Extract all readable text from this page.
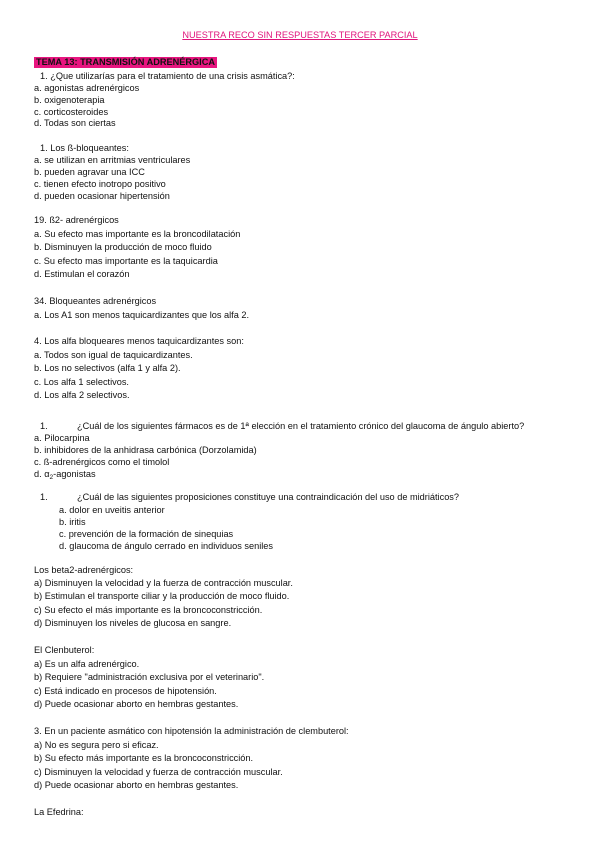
NUESTRA RECO SIN RESPUESTAS TERCER PARCIAL
TEMA 13: TRANSMISIÓN ADRENÉRGICA
1. ¿Que utilizarías para el tratamiento de una crisis asmática?:
a. agonistas adrenérgicos
b. oxigenoterapia
c. corticosteroides
d. Todas son ciertas
1. Los ß-bloqueantes:
a. se utilizan en arritmias ventriculares
b. pueden agravar una ICC
c. tienen efecto inotropo positivo
d. pueden ocasionar hipertensión
19. ß2- adrenérgicos
a. Su efecto mas importante es la broncodilatación
b. Disminuyen la producción de moco fluido
c. Su efecto mas importante es la taquicardia
d. Estimulan el corazón
34. Bloqueantes adrenérgicos
a. Los A1 son menos taquicardizantes que los alfa 2.
4. Los alfa bloqueares menos taquicardizantes son:
a. Todos son igual de taquicardizantes.
b. Los no selectivos (alfa 1 y alfa 2).
c. Los alfa 1 selectivos.
d. Los alfa 2 selectivos.
1.	¿Cuál de los siguientes fármacos es de 1ª elección en el tratamiento crónico del glaucoma de ángulo abierto?
a. Pilocarpina
b. inhibidores de la anhidrasa carbónica (Dorzolamida)
c. ß-adrenérgicos como el timolol
d. $\alpha_2$-agonistas
1.	¿Cuál de las siguientes proposiciones constituye una contraindicación del uso de midriáticos?
a. dolor en uveitis anterior
b. iritis
c. prevención de la formación de sinequias
d. glaucoma de ángulo cerrado en individuos seniles
Los beta2-adrenérgicos:
a) Disminuyen la velocidad y la fuerza de contracción muscular.
b) Estimulan el transporte ciliar y la producción de moco fluido.
c) Su efecto el más importante es la broncoconstricción.
d) Disminuyen los niveles de glucosa en sangre.
El Clenbuterol:
a) Es un alfa adrenérgico.
b) Requiere "administración exclusiva por el veterinario".
c) Está indicado en procesos de hipotensión.
d) Puede ocasionar aborto en hembras gestantes.
3. En un paciente asmático con hipotensión la administración de clembuterol:
a) No es segura pero si eficaz.
b) Su efecto más importante es la broncoconstricción.
c) Disminuyen la velocidad y fuerza de contracción muscular.
d) Puede ocasionar aborto en hembras gestantes.
La Efedrina:
